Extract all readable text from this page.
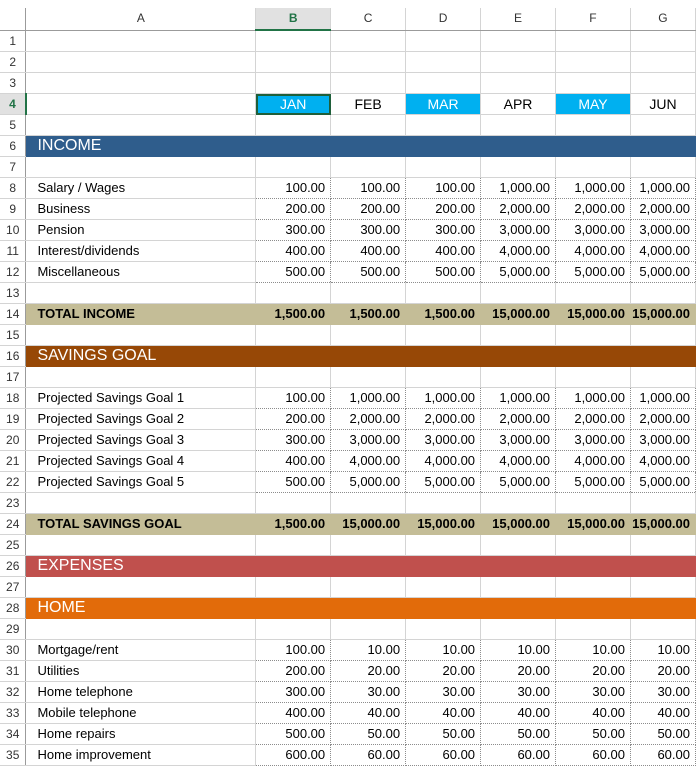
	A	B	C	D	E	F	G
1							
2							
3							
4		JAN	FEB	MAR	APR	MAY	JUN
5							
6	INCOME						
7							
8	Salary / Wages	100.00	100.00	100.00	1,000.00	1,000.00	1,000.00
9	Business	200.00	200.00	200.00	2,000.00	2,000.00	2,000.00
10	Pension	300.00	300.00	300.00	3,000.00	3,000.00	3,000.00
11	Interest/dividends	400.00	400.00	400.00	4,000.00	4,000.00	4,000.00
12	Miscellaneous	500.00	500.00	500.00	5,000.00	5,000.00	5,000.00
13							
14	TOTAL INCOME	1,500.00	1,500.00	1,500.00	15,000.00	15,000.00	15,000.00
15							
16	SAVINGS GOAL						
17							
18	Projected Savings Goal 1	100.00	1,000.00	1,000.00	1,000.00	1,000.00	1,000.00
19	Projected Savings Goal 2	200.00	2,000.00	2,000.00	2,000.00	2,000.00	2,000.00
20	Projected Savings Goal 3	300.00	3,000.00	3,000.00	3,000.00	3,000.00	3,000.00
21	Projected Savings Goal 4	400.00	4,000.00	4,000.00	4,000.00	4,000.00	4,000.00
22	Projected Savings Goal 5	500.00	5,000.00	5,000.00	5,000.00	5,000.00	5,000.00
23							
24	TOTAL SAVINGS GOAL	1,500.00	15,000.00	15,000.00	15,000.00	15,000.00	15,000.00
25							
26	EXPENSES						
27							
28	HOME						
29							
30	Mortgage/rent	100.00	10.00	10.00	10.00	10.00	10.00
31	Utilities	200.00	20.00	20.00	20.00	20.00	20.00
32	Home telephone	300.00	30.00	30.00	30.00	30.00	30.00
33	Mobile telephone	400.00	40.00	40.00	40.00	40.00	40.00
34	Home repairs	500.00	50.00	50.00	50.00	50.00	50.00
35	Home improvement	600.00	60.00	60.00	60.00	60.00	60.00
